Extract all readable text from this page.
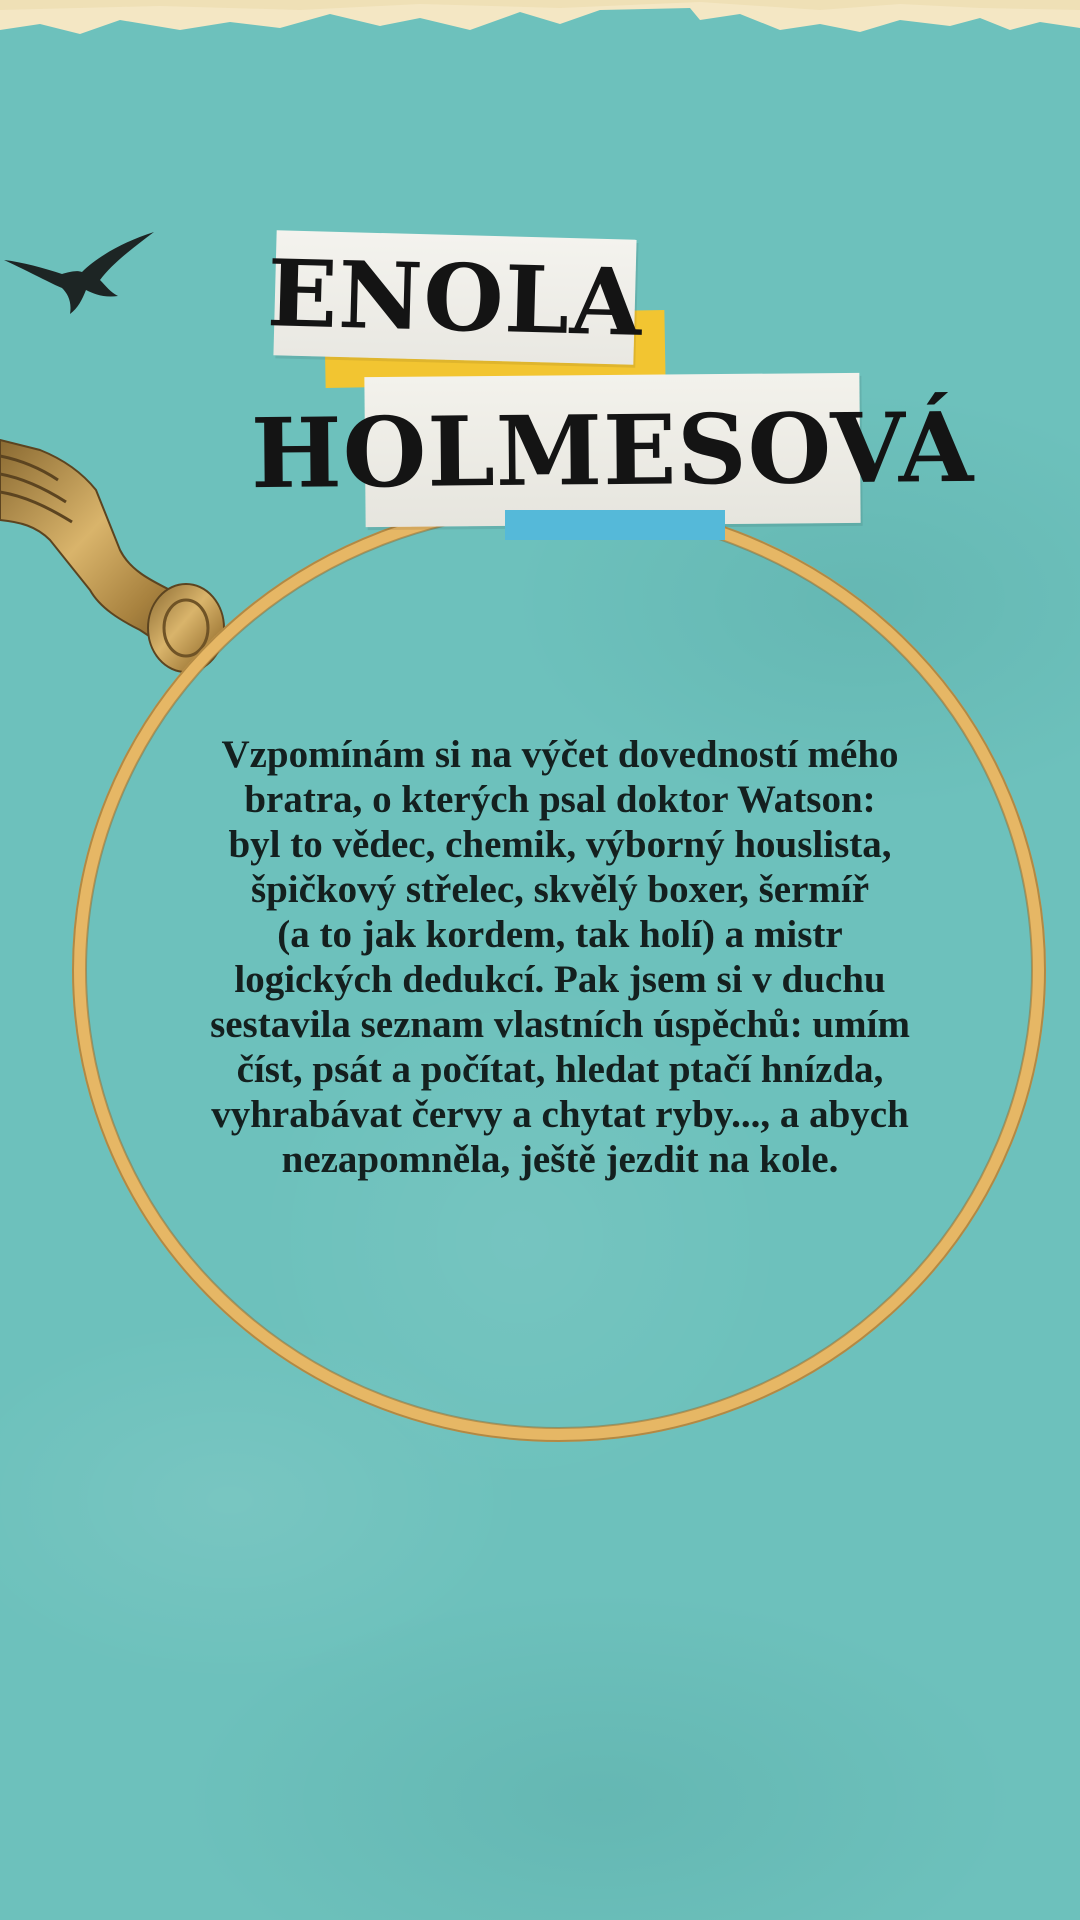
ENOLA
HOLMESOVÁ
Vzpomínám si na výčet dovedností mého
bratra, o kterých psal doktor Watson:
byl to vědec, chemik, výborný houslista,
špičkový střelec, skvělý boxer, šermíř
(a to jak kordem, tak holí) a mistr
logických dedukcí. Pak jsem si v duchu
sestavila seznam vlastních úspěchů: umím
číst, psát a počítat, hledat ptačí hnízda,
vyhrabávat červy a chytat ryby..., a abych
nezapomněla, ještě jezdit na kole.
